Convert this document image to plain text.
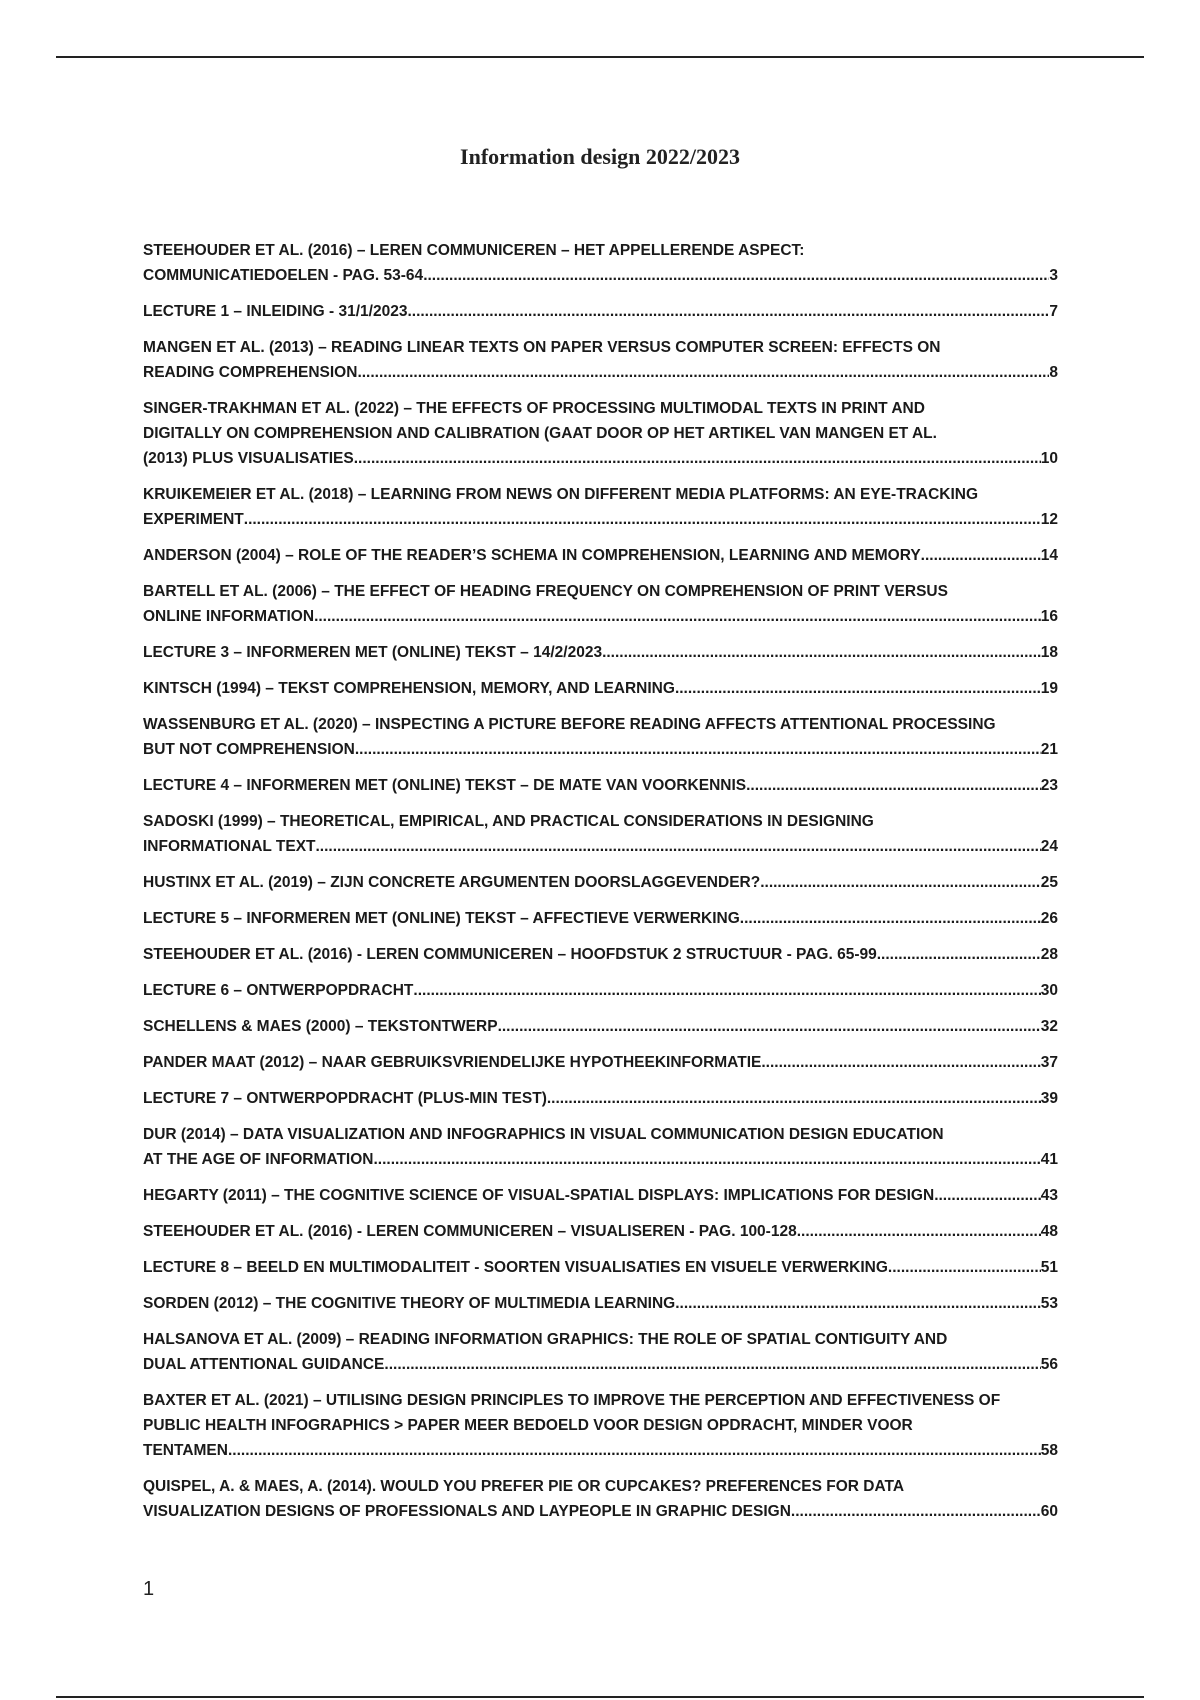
Information design 2022/2023
STEEHOUDER ET AL. (2016) – LEREN COMMUNICEREN – HET APPELLERENDE ASPECT:
COMMUNICATIEDOELEN - PAG. 53-64 .....	3
LECTURE 1 – INLEIDING - 31/1/2023 .....	7
MANGEN ET AL. (2013) – READING LINEAR TEXTS ON PAPER VERSUS COMPUTER SCREEN: EFFECTS ON
READING COMPREHENSION .....	8
SINGER-TRAKHMAN ET AL. (2022) – THE EFFECTS OF PROCESSING MULTIMODAL TEXTS IN PRINT AND
DIGITALLY ON COMPREHENSION AND CALIBRATION (GAAT DOOR OP HET ARTIKEL VAN MANGEN ET AL.
(2013) PLUS VISUALISATIES .....	10
KRUIKEMEIER ET AL. (2018) – LEARNING FROM NEWS ON DIFFERENT MEDIA PLATFORMS: AN EYE-TRACKING
EXPERIMENT .....	12
ANDERSON (2004) – ROLE OF THE READER’S SCHEMA IN COMPREHENSION, LEARNING AND MEMORY .....	14
BARTELL ET AL. (2006) – THE EFFECT OF HEADING FREQUENCY ON COMPREHENSION OF PRINT VERSUS
ONLINE INFORMATION .....	16
LECTURE 3 – INFORMEREN MET (ONLINE) TEKST – 14/2/2023 .....	18
KINTSCH (1994) – TEKST COMPREHENSION, MEMORY, AND LEARNING .....	19
WASSENBURG ET AL. (2020) – INSPECTING A PICTURE BEFORE READING AFFECTS ATTENTIONAL PROCESSING
BUT NOT COMPREHENSION .....	21
LECTURE 4 – INFORMEREN MET (ONLINE) TEKST – DE MATE VAN VOORKENNIS .....	23
SADOSKI (1999) – THEORETICAL, EMPIRICAL, AND PRACTICAL CONSIDERATIONS IN DESIGNING
INFORMATIONAL TEXT .....	24
HUSTINX ET AL. (2019) – ZIJN CONCRETE ARGUMENTEN DOORSLAGGEVENDER? .....	25
LECTURE 5 – INFORMEREN MET (ONLINE) TEKST – AFFECTIEVE VERWERKING .....	26
STEEHOUDER ET AL. (2016) - LEREN COMMUNICEREN – HOOFDSTUK 2 STRUCTUUR - PAG. 65-99 .....	28
LECTURE 6 – ONTWERPOPDRACHT .....	30
SCHELLENS & MAES (2000) – TEKSTONTWERP .....	32
PANDER MAAT (2012) – NAAR GEBRUIKSVRIENDELIJKE HYPOTHEEKINFORMATIE .....	37
LECTURE 7 – ONTWERPOPDRACHT (PLUS-MIN TEST) .....	39
DUR (2014) – DATA VISUALIZATION AND INFOGRAPHICS IN VISUAL COMMUNICATION DESIGN EDUCATION
AT THE AGE OF INFORMATION .....	41
HEGARTY (2011) – THE COGNITIVE SCIENCE OF VISUAL-SPATIAL DISPLAYS: IMPLICATIONS FOR DESIGN .....	43
STEEHOUDER ET AL. (2016) - LEREN COMMUNICEREN – VISUALISEREN - PAG. 100-128 .....	48
LECTURE 8 – BEELD EN MULTIMODALITEIT - SOORTEN VISUALISATIES EN VISUELE VERWERKING .....	51
SORDEN (2012) – THE COGNITIVE THEORY OF MULTIMEDIA LEARNING .....	53
HALSANOVA ET AL. (2009) – READING INFORMATION GRAPHICS: THE ROLE OF SPATIAL CONTIGUITY AND
DUAL ATTENTIONAL GUIDANCE .....	56
BAXTER ET AL. (2021) – UTILISING DESIGN PRINCIPLES TO IMPROVE THE PERCEPTION AND EFFECTIVENESS OF
PUBLIC HEALTH INFOGRAPHICS > PAPER MEER BEDOELD VOOR DESIGN OPDRACHT, MINDER VOOR
TENTAMEN .....	58
QUISPEL, A. & MAES, A. (2014). WOULD YOU PREFER PIE OR CUPCAKES? PREFERENCES FOR DATA
VISUALIZATION DESIGNS OF PROFESSIONALS AND LAYPEOPLE IN GRAPHIC DESIGN .....	60
1
